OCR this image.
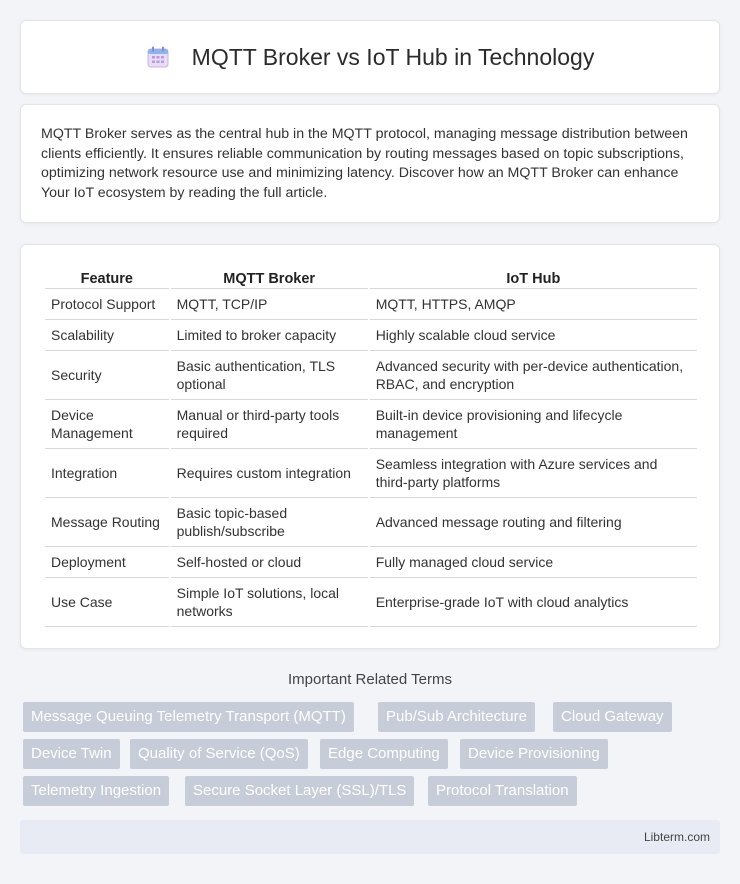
MQTT Broker vs IoT Hub in Technology

MQTT Broker serves as the central hub in the MQTT protocol, managing message distribution between clients efficiently. It ensures reliable communication by routing messages based on topic subscriptions, optimizing network resource use and minimizing latency. Discover how an MQTT Broker can enhance Your IoT ecosystem by reading the full article.

Feature	MQTT Broker	IoT Hub
Protocol Support	MQTT, TCP/IP	MQTT, HTTPS, AMQP
Scalability	Limited to broker capacity	Highly scalable cloud service
Security	Basic authentication, TLS optional	Advanced security with per-device authentication, RBAC, and encryption
Device Management	Manual or third-party tools required	Built-in device provisioning and lifecycle management
Integration	Requires custom integration	Seamless integration with Azure services and third-party platforms
Message Routing	Basic topic-based publish/subscribe	Advanced message routing and filtering
Deployment	Self-hosted or cloud	Fully managed cloud service
Use Case	Simple IoT solutions, local networks	Enterprise-grade IoT with cloud analytics
Important Related Terms
Message Queuing Telemetry Transport (MQTT)	Pub/Sub Architecture	Cloud Gateway
Device Twin	Quality of Service (QoS)	Edge Computing	Device Provisioning
Telemetry Ingestion	Secure Socket Layer (SSL)/TLS	Protocol Translation
Libterm.com
